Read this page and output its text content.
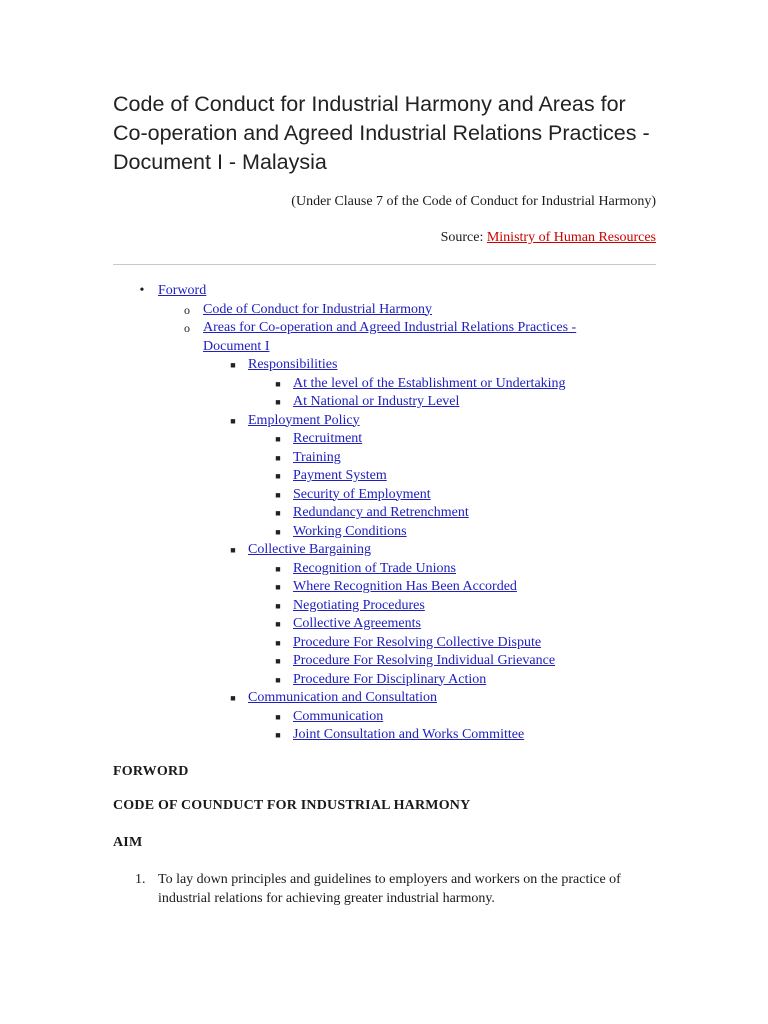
Code of Conduct for Industrial Harmony and Areas for Co-operation and Agreed Industrial Relations Practices - Document I - Malaysia
(Under Clause 7 of the Code of Conduct for Industrial Harmony)
Source: Ministry of Human Resources
• Forword
o Code of Conduct for Industrial Harmony
o Areas for Co-operation and Agreed Industrial Relations Practices - Document I
■ Responsibilities
■ At the level of the Establishment or Undertaking
■ At National or Industry Level
■ Employment Policy
■ Recruitment
■ Training
■ Payment System
■ Security of Employment
■ Redundancy and Retrenchment
■ Working Conditions
■ Collective Bargaining
■ Recognition of Trade Unions
■ Where Recognition Has Been Accorded
■ Negotiating Procedures
■ Collective Agreements
■ Procedure For Resolving Collective Dispute
■ Procedure For Resolving Individual Grievance
■ Procedure For Disciplinary Action
■ Communication and Consultation
■ Communication
■ Joint Consultation and Works Committee
FORWORD
CODE OF COUNDUCT FOR INDUSTRIAL HARMONY
AIM
1. To lay down principles and guidelines to employers and workers on the practice of industrial relations for achieving greater industrial harmony.
